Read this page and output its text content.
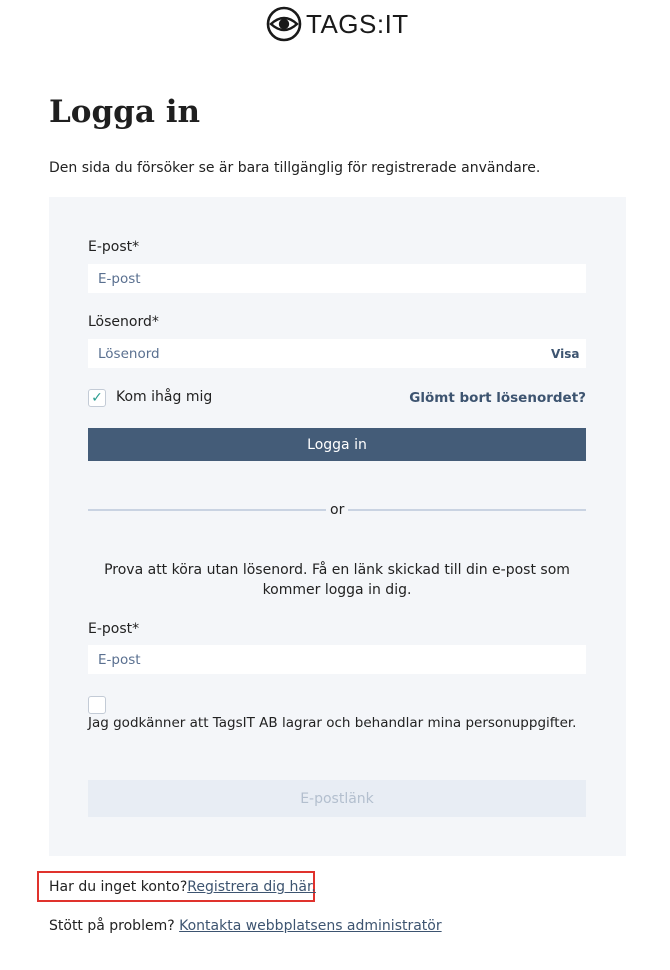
TAGS:IT
Logga in

Den sida du försöker se är bara tillgänglig för registrerade användare.

E-post*
E-post
Lösenord*
Visa
✓ Kom ihåg mig	Glömt bort lösenordet?
Logga in
or

Prova att köra utan lösenord. Få en länk skickad till din e-post som kommer logga in dig.

E-post*
E-post
Jag godkänner att TagsIT AB lagrar och behandlar mina personuppgifter.
E-postlänk
Har du inget konto?Registrera dig här.
Stött på problem? Kontakta webbplatsens administratör
